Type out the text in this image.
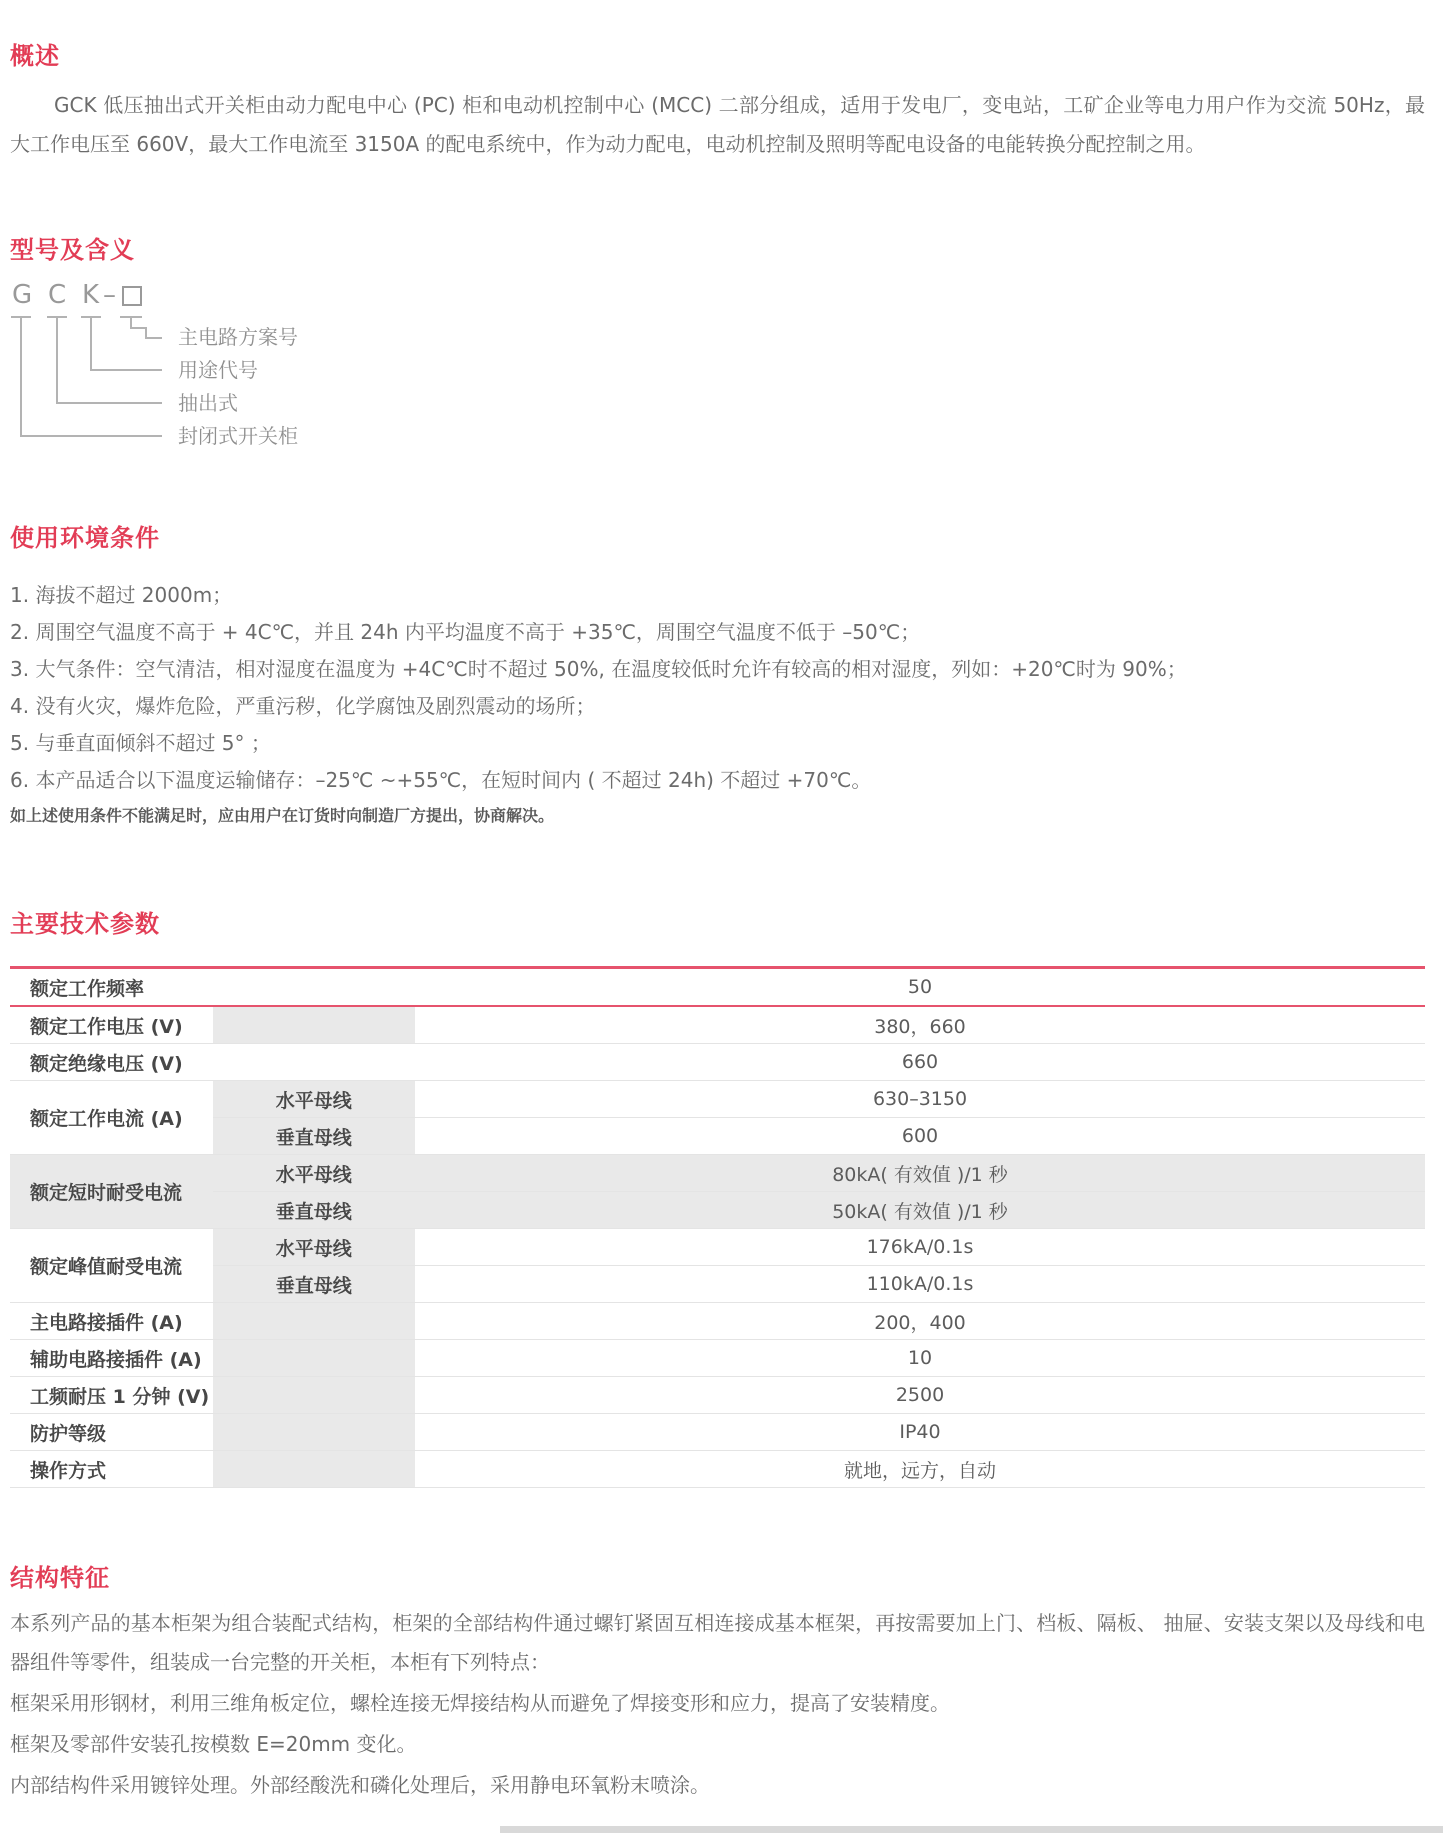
概述

GCK 低压抽出式开关柜由动力配电中心 (PC) 柜和电动机控制中心 (MCC) 二部分组成，适用于发电厂，变电站，工矿企业等电力用户作为交流 50Hz，最大工作电压至 660V，最大工作电流至 3150A 的配电系统中，作为动力配电，电动机控制及照明等配电设备的电能转换分配控制之用。

型号及含义
G C K –
主电路方案号
用途代号
抽出式
封闭式开关柜
使用环境条件

1. 海拔不超过 2000m；

2. 周围空气温度不高于 + 4C℃，并且 24h 内平均温度不高于 +35℃，周围空气温度不低于 –50℃；

3. 大气条件：空气清洁，相对湿度在温度为 +4C℃时不超过 50%, 在温度较低时允许有较高的相对湿度，列如：+20℃时为 90%；

4. 没有火灾，爆炸危险，严重污秽，化学腐蚀及剧烈震动的场所；

5. 与垂直面倾斜不超过 5° ；

6. 本产品适合以下温度运输储存：–25℃ ~+55℃，在短时间内 ( 不超过 24h) 不超过 +70℃。

如上述使用条件不能满足时，应由用户在订货时向制造厂方提出，协商解决。

主要技术参数
额定工作频率		50
额定工作电压 (V)		380，660
额定绝缘电压 (V)		660
额定工作电流 (A)	水平母线	630–3150
	垂直母线	600
额定短时耐受电流	水平母线	80kA( 有效值 )/1 秒
	垂直母线	50kA( 有效值 )/1 秒
额定峰值耐受电流	水平母线	176kA/0.1s
	垂直母线	110kA/0.1s
主电路接插件 (A)		200，400
辅助电路接插件 (A)		10
工频耐压 1 分钟 (V)		2500
防护等级		IP40
操作方式		就地，远方，自动
结构特征

本系列产品的基本柜架为组合装配式结构，柜架的全部结构件通过螺钉紧固互相连接成基本框架，再按需要加上门、档板、隔板、 抽屉、安装支架以及母线和电器组件等零件，组装成一台完整的开关柜，本柜有下列特点：

框架采用形钢材，利用三维角板定位，螺栓连接无焊接结构从而避免了焊接变形和应力，提高了安装精度。

框架及零部件安装孔按模数 E=20mm 变化。

内部结构件采用镀锌处理。外部经酸洗和磷化处理后，采用静电环氧粉末喷涂。
